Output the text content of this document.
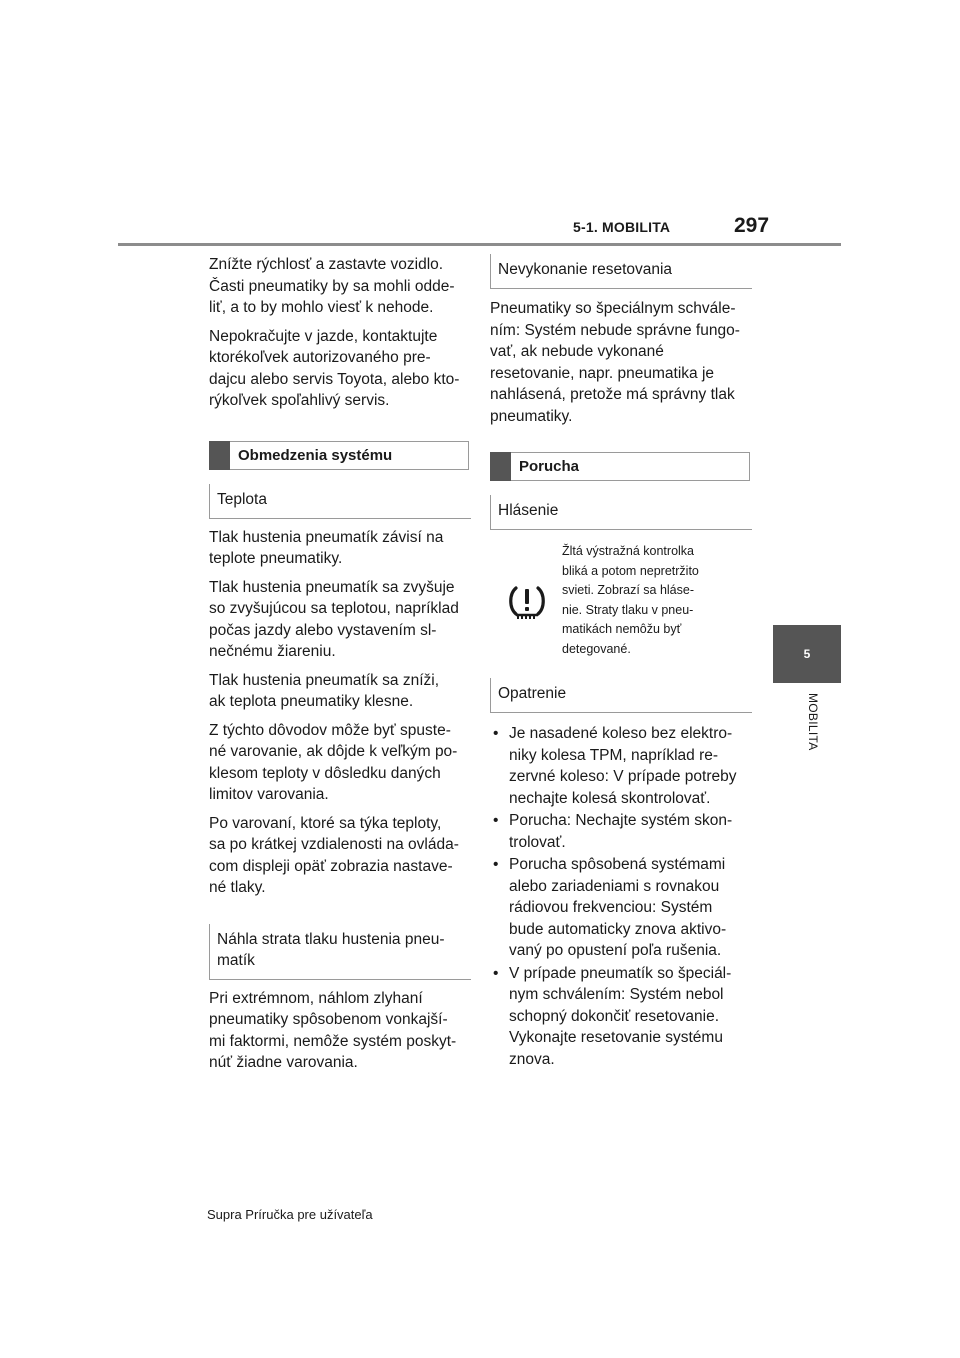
5-1. MOBILITA	297
5
MOBILITA

Znížte rýchlosť a zastavte vozidlo.
Časti pneumatiky by sa mohli odde-
liť, a to by mohlo viesť k nehode.

Nepokračujte v jazde, kontaktujte
ktorékoľvek autorizovaného pre-
dajcu alebo servis Toyota, alebo kto-
rýkoľvek spoľahlivý servis.

Obmedzenia systému
Teplota

Tlak hustenia pneumatík závisí na
teplote pneumatiky.

Tlak hustenia pneumatík sa zvyšuje
so zvyšujúcou sa teplotou, napríklad
počas jazdy alebo vystavením sl-
nečnému žiareniu.

Tlak hustenia pneumatík sa zníži,
ak teplota pneumatiky klesne.

Z týchto dôvodov môže byť spuste-
né varovanie, ak dôjde k veľkým po-
klesom teploty v dôsledku daných
limitov varovania.

Po varovaní, ktoré sa týka teploty,
sa po krátkej vzdialenosti na ovláda-
com displeji opäť zobrazia nastave-
né tlaky.

Náhla strata tlaku hustenia pneu-
matík

Pri extrémnom, náhlom zlyhaní
pneumatiky spôsobenom vonkajší-
mi faktormi, nemôže systém poskyt-
núť žiadne varovania.

Nevykonanie resetovania

Pneumatiky so špeciálnym schvále-
ním: Systém nebude správne fungo-
vať, ak nebude vykonané
resetovanie, napr. pneumatika je
nahlásená, pretože má správny tlak
pneumatiky.

Porucha
Hlásenie

Žltá výstražná kontrolka
bliká a potom nepretržito
svieti. Zobrazí sa hláse-
nie. Straty tlaku v pneu-
matikách nemôžu byť
detegované.

Opatrenie
• Je nasadené koleso bez elektro-
niky kolesa TPM, napríklad re-
zervné koleso: V prípade potreby
nechajte kolesá skontrolovať.
• Porucha: Nechajte systém skon-
trolovať.
• Porucha spôsobená systémami
alebo zariadeniami s rovnakou
rádiovou frekvenciou: Systém
bude automaticky znova aktivo-
vaný po opustení poľa rušenia.
• V prípade pneumatík so špeciál-
nym schválením: Systém nebol
schopný dokončiť resetovanie.
Vykonajte resetovanie systému
znova.
Supra Príručka pre užívateľa
